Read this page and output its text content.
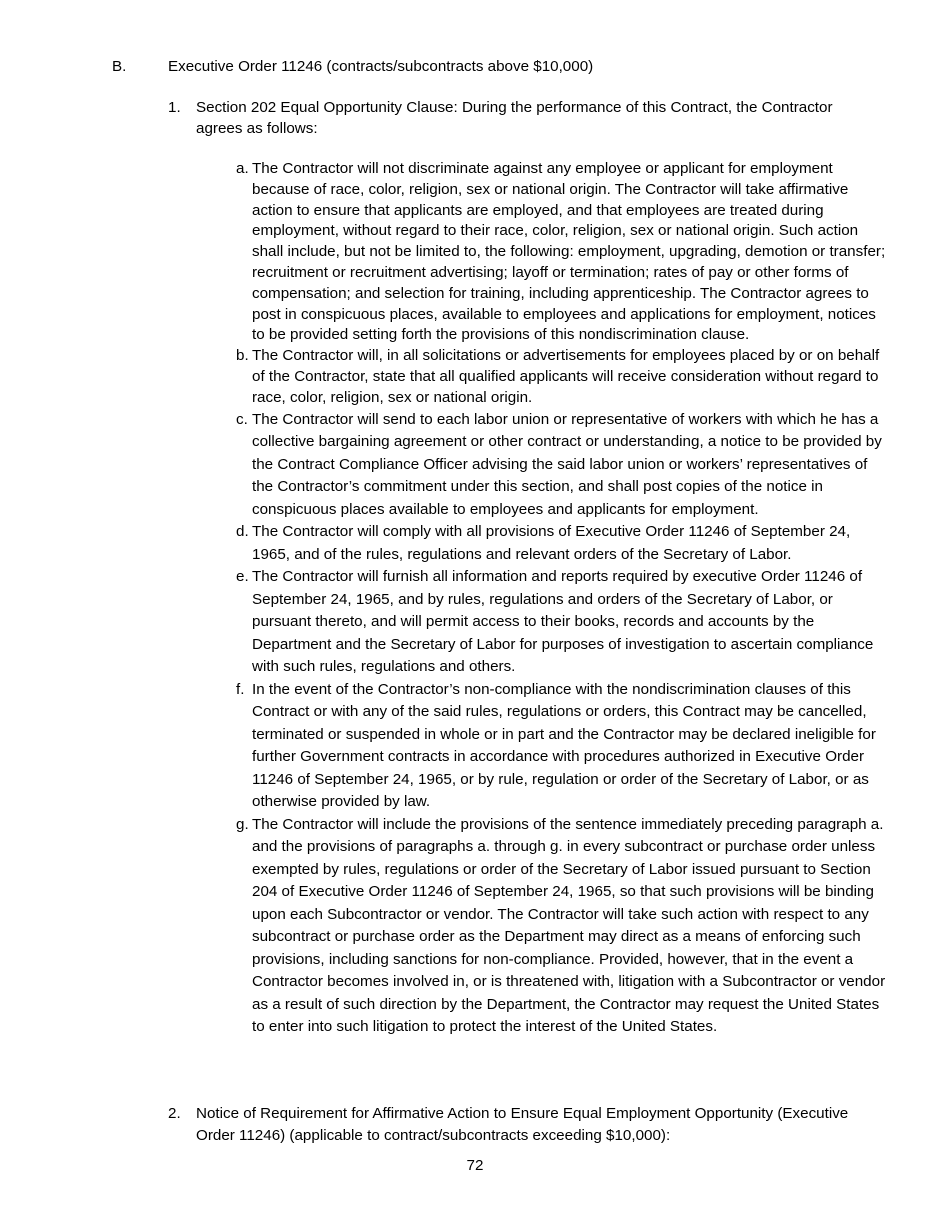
B.	Executive Order 11246 (contracts/subcontracts above $10,000)
1. Section 202 Equal Opportunity Clause: During the performance of this Contract, the Contractor agrees as follows:
a. The Contractor will not discriminate against any employee or applicant for employment because of race, color, religion, sex or national origin. The Contractor will take affirmative action to ensure that applicants are employed, and that employees are treated during employment, without regard to their race, color, religion, sex or national origin. Such action shall include, but not be limited to, the following: employment, upgrading, demotion or transfer; recruitment or recruitment advertising; layoff or termination; rates of pay or other forms of compensation; and selection for training, including apprenticeship. The Contractor agrees to post in conspicuous places, available to employees and applications for employment, notices to be provided setting forth the provisions of this nondiscrimination clause.
b. The Contractor will, in all solicitations or advertisements for employees placed by or on behalf of the Contractor, state that all qualified applicants will receive consideration without regard to race, color, religion, sex or national origin.
c. The Contractor will send to each labor union or representative of workers with which he has a collective bargaining agreement or other contract or understanding, a notice to be provided by the Contract Compliance Officer advising the said labor union or workers’ representatives of the Contractor’s commitment under this section, and shall post copies of the notice in conspicuous places available to employees and applicants for employment.
d. The Contractor will comply with all provisions of Executive Order 11246 of September 24, 1965, and of the rules, regulations and relevant orders of the Secretary of Labor.
e. The Contractor will furnish all information and reports required by executive Order 11246 of September 24, 1965, and by rules, regulations and orders of the Secretary of Labor, or pursuant thereto, and will permit access to their books, records and accounts by the Department and the Secretary of Labor for purposes of investigation to ascertain compliance with such rules, regulations and others.
f. In the event of the Contractor’s non-compliance with the nondiscrimination clauses of this Contract or with any of the said rules, regulations or orders, this Contract may be cancelled, terminated or suspended in whole or in part and the Contractor may be declared ineligible for further Government contracts in accordance with procedures authorized in Executive Order 11246 of September 24, 1965, or by rule, regulation or order of the Secretary of Labor, or as otherwise provided by law.
g. The Contractor will include the provisions of the sentence immediately preceding paragraph a. and the provisions of paragraphs a. through g. in every subcontract or purchase order unless exempted by rules, regulations or order of the Secretary of Labor issued pursuant to Section 204 of Executive Order 11246 of September 24, 1965, so that such provisions will be binding upon each Subcontractor or vendor. The Contractor will take such action with respect to any subcontract or purchase order as the Department may direct as a means of enforcing such provisions, including sanctions for non-compliance. Provided, however, that in the event a Contractor becomes involved in, or is threatened with, litigation with a Subcontractor or vendor as a result of such direction by the Department, the Contractor may request the United States to enter into such litigation to protect the interest of the United States.
2. Notice of Requirement for Affirmative Action to Ensure Equal Employment Opportunity (Executive Order 11246) (applicable to contract/subcontracts exceeding $10,000):
72
